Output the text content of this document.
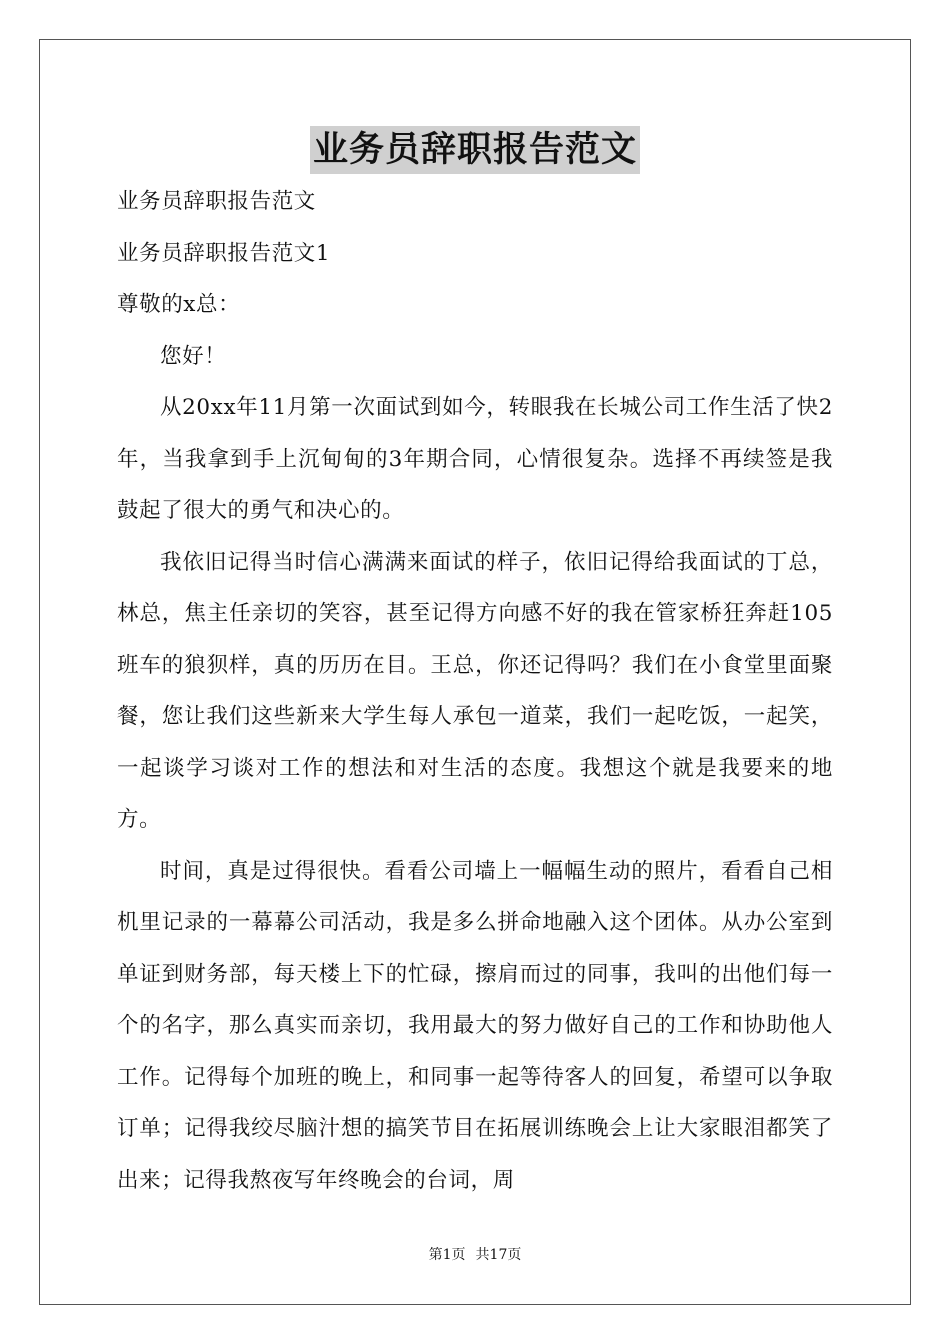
业务员辞职报告范文

业务员辞职报告范文

业务员辞职报告范文1

尊敬的x总：

您好！

从20xx年11月第一次面试到如今，转眼我在长城公司工作生活了快2年，当我拿到手上沉甸甸的3年期合同，心情很复杂。选择不再续签是我鼓起了很大的勇气和决心的。

我依旧记得当时信心满满来面试的样子，依旧记得给我面试的丁总，林总，焦主任亲切的笑容，甚至记得方向感不好的我在管家桥狂奔赶105班车的狼狈样，真的历历在目。王总，你还记得吗？我们在小食堂里面聚餐，您让我们这些新来大学生每人承包一道菜，我们一起吃饭，一起笑，一起谈学习谈对工作的想法和对生活的态度。我想这个就是我要来的地方。

时间，真是过得很快。看看公司墙上一幅幅生动的照片，看看自己相机里记录的一幕幕公司活动，我是多么拼命地融入这个团体。从办公室到单证到财务部，每天楼上下的忙碌，擦肩而过的同事，我叫的出他们每一个的名字，那么真实而亲切，我用最大的努力做好自己的工作和协助他人工作。记得每个加班的晚上，和同事一起等待客人的回复，希望可以争取订单；记得我绞尽脑汁想的搞笑节目在拓展训练晚会上让大家眼泪都笑了出来；记得我熬夜写年终晚会的台词，周

第1页 共17页
